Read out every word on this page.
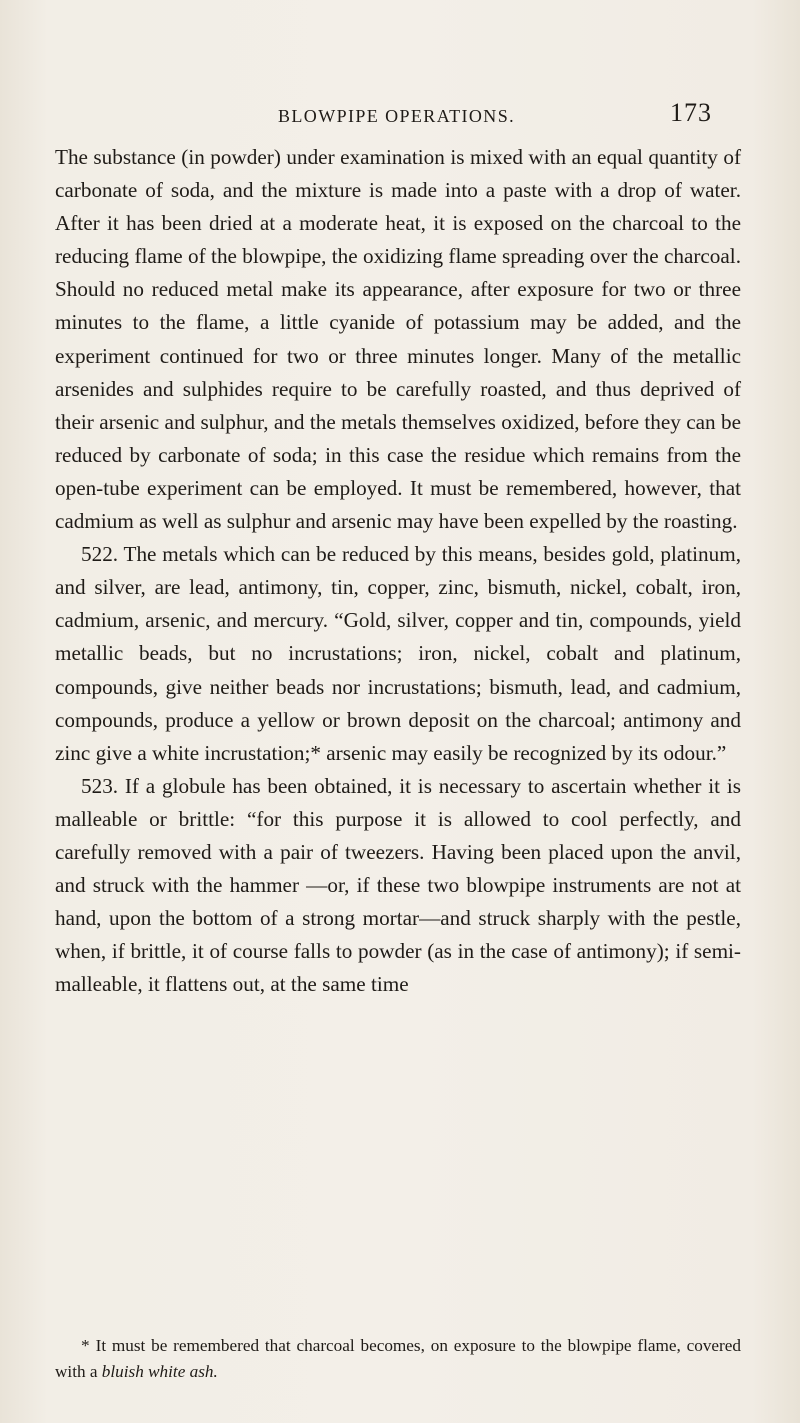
BLOWPIPE OPERATIONS.	173

The substance (in powder) under examination is mixed with an equal quantity of carbonate of soda, and the mixture is made into a paste with a drop of water. After it has been dried at a moderate heat, it is exposed on the charcoal to the reducing flame of the blowpipe, the oxidizing flame spreading over the charcoal. Should no reduced metal make its appearance, after exposure for two or three minutes to the flame, a little cyanide of potassium may be added, and the experiment continued for two or three minutes longer. Many of the metallic arsenides and sulphides require to be carefully roasted, and thus deprived of their arsenic and sulphur, and the metals themselves oxidized, before they can be reduced by carbonate of soda; in this case the residue which remains from the open-tube experiment can be employed. It must be remembered, however, that cadmium as well as sulphur and arsenic may have been expelled by the roasting.

522. The metals which can be reduced by this means, besides gold, platinum, and silver, are lead, antimony, tin, copper, zinc, bismuth, nickel, cobalt, iron, cadmium, arsenic, and mercury. “Gold, silver, copper and tin, compounds, yield metallic beads, but no incrustations; iron, nickel, cobalt and platinum, compounds, give neither beads nor incrustations; bismuth, lead, and cadmium, compounds, produce a yellow or brown deposit on the charcoal; antimony and zinc give a white incrustation;* arsenic may easily be recognized by its odour.”

523. If a globule has been obtained, it is necessary to ascertain whether it is malleable or brittle: “for this purpose it is allowed to cool perfectly, and carefully removed with a pair of tweezers. Having been placed upon the anvil, and struck with the hammer —or, if these two blowpipe instruments are not at hand, upon the bottom of a strong mortar—and struck sharply with the pestle, when, if brittle, it of course falls to powder (as in the case of antimony); if semi-malleable, it flattens out, at the same time

* It must be remembered that charcoal becomes, on exposure to the blowpipe flame, covered with a bluish white ash.
